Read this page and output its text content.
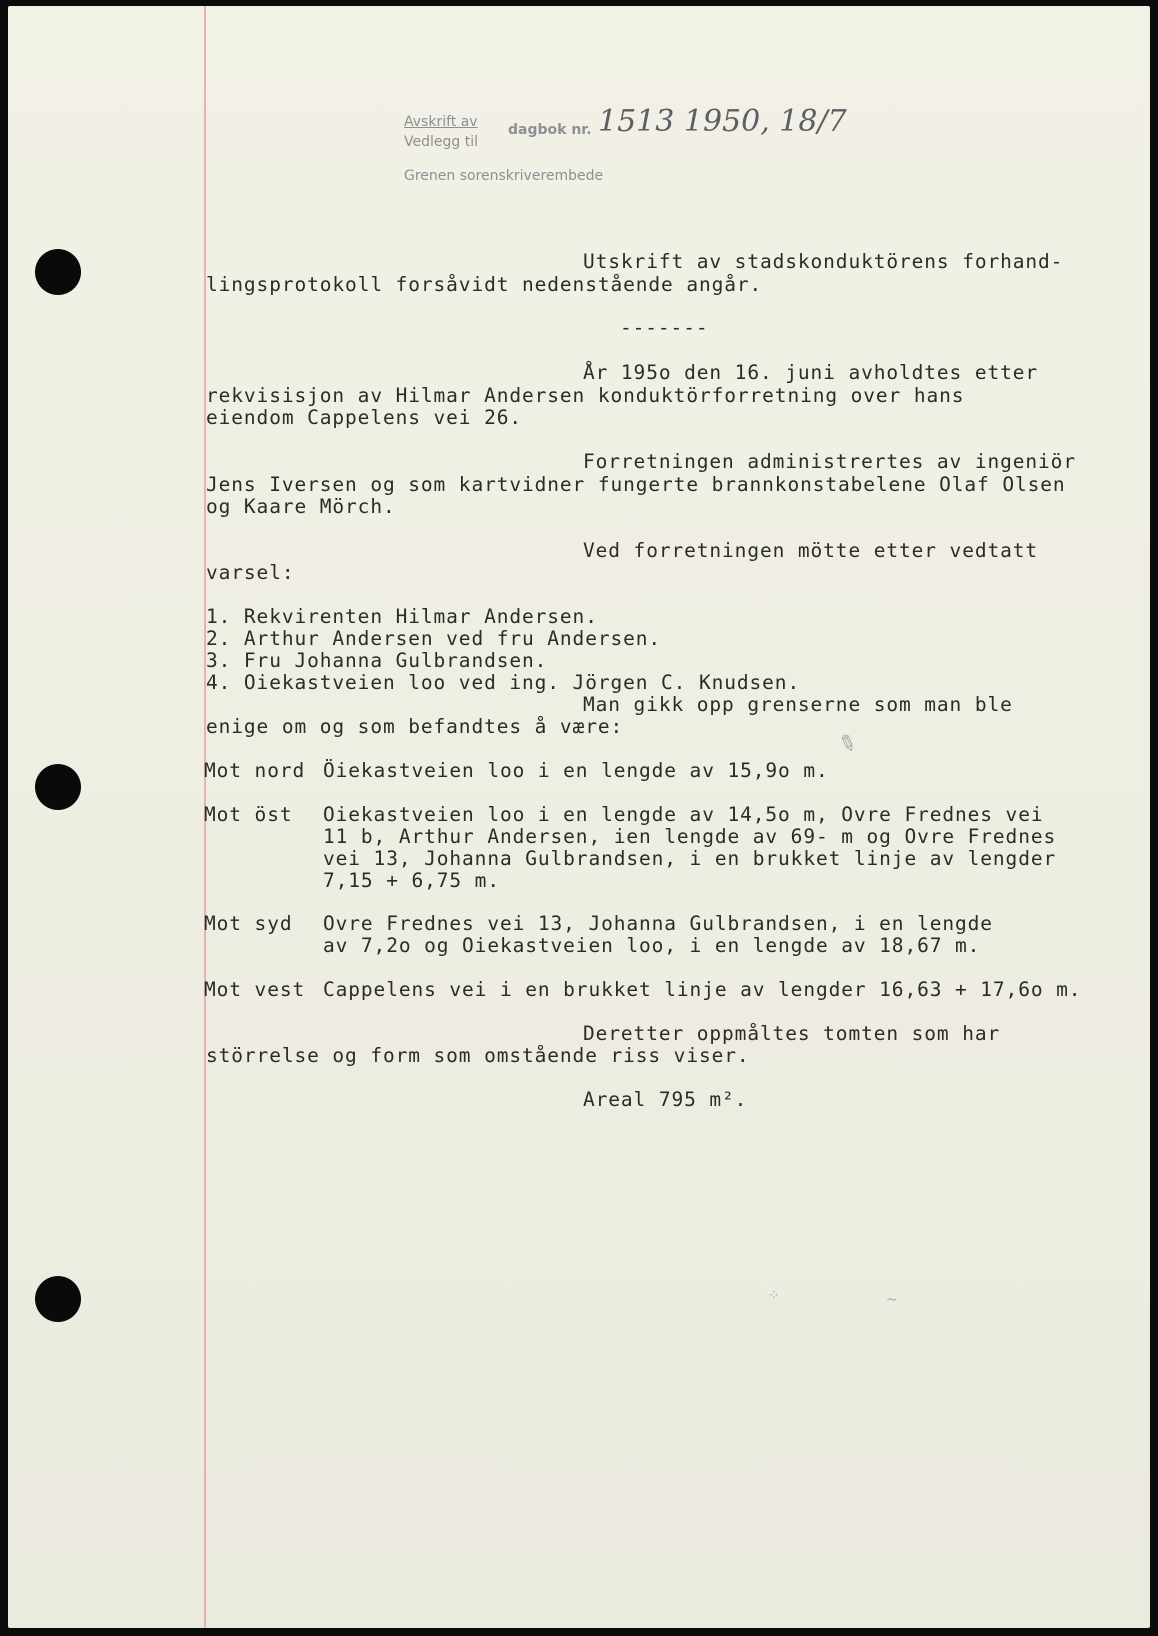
Avskrift av
Vedlegg til
dagbok nr.
Grenen sorenskriverembede
1513 1950, 18/7
Utskrift av stadskonduktörens forhand-
lingsprotokoll forsåvidt nedenstående angår.
-------
År 195o den 16. juni avholdtes etter
rekvisisjon av Hilmar Andersen konduktörforretning over hans
eiendom Cappelens vei 26.
Forretningen administrertes av ingeniör
Jens Iversen og som kartvidner fungerte brannkonstabelene Olaf Olsen
og Kaare Mörch.
Ved forretningen mötte etter vedtatt
varsel:
1. Rekvirenten Hilmar Andersen.
2. Arthur Andersen ved fru Andersen.
3. Fru Johanna Gulbrandsen.
4. Oiekastveien loo ved ing. Jörgen C. Knudsen.
Man gikk opp grenserne som man ble
enige om og som befandtes å være:
Mot nord Öiekastveien loo i en lengde av 15,9o m.
Mot öst Oiekastveien loo i en lengde av 14,5o m, Ovre Frednes vei
11 b, Arthur Andersen, ien lengde av 69- m og Ovre Frednes
vei 13, Johanna Gulbrandsen, i en brukket linje av lengder
7,15 + 6,75 m.
Mot syd Ovre Frednes vei 13, Johanna Gulbrandsen, i en lengde
av 7,2o og Oiekastveien loo, i en lengde av 18,67 m.
Mot vest Cappelens vei i en brukket linje av lengder 16,63 + 17,6o m.
Deretter oppmåltes tomten som har
störrelse og form som omstående riss viser.
Areal 795 m².
✎
⁘	~
